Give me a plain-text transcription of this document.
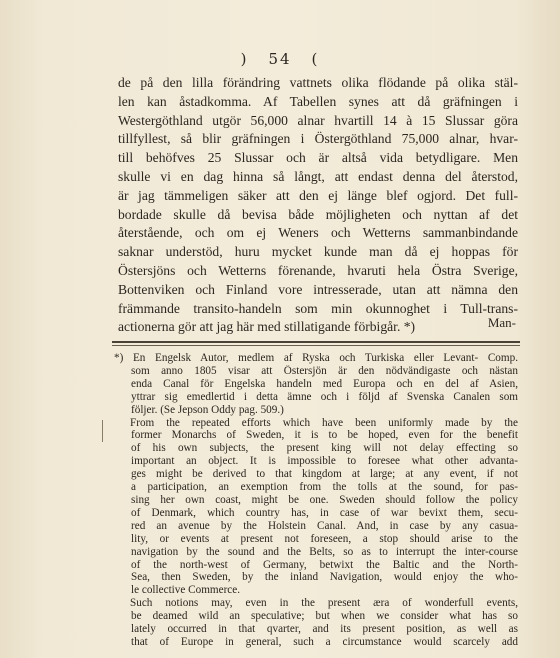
) 54 (
de på den lilla förändring vattnets olika flödande på olika stäl-
len kan åstadkomma. Af Tabellen synes att då gräfningen i
Westergöthland utgör 56,000 alnar hvartill 14 à 15 Slussar göra
tillfyllest, så blir gräfningen i Östergöthland 75,000 alnar, hvar-
till behöfves 25 Slussar och är altså vida betydligare. Men
skulle vi en dag hinna så långt, att endast denna del återstod,
är jag tämmeligen säker att den ej länge blef ogjord. Det full-
bordade skulle då bevisa både möjligheten och nyttan af det
återstående, och om ej Weners och Wetterns sammanbindande
saknar understöd, huru mycket kunde man då ej hoppas för
Östersjöns och Wetterns förenande, hvaruti hela Östra Sverige,
Bottenviken och Finland vore intresserade, utan att nämna den
främmande transito-handeln som min okunnoghet i Tull-trans-
actionerna gör att jag här med stillatigande förbigår. *)	Man-
*) En Engelsk Autor, medlem af Ryska och Turkiska eller Levant- Comp.
som anno 1805 visar att Östersjön är den nödvändigaste och nästan
enda Canal för Engelska handeln med Europa och en del af Asien,
yttrar sig emedlertid i detta ämne och i följd af Svenska Canalen som
följer. (Se Jepson Oddy pag. 509.)
From the repeated efforts which have been uniformly made by the
former Monarchs of Sweden, it is to be hoped, even for the benefit
of his own subjects, the present king will not delay effecting so
important an object. It is impossible to foresee what other advanta-
ges might be derived to that kingdom at large; at any event, if not
a participation, an exemption from the tolls at the sound, for pas-
sing her own coast, might be one. Sweden should follow the policy
of Denmark, which country has, in case of war bevixt them, secu-
red an avenue by the Holstein Canal. And, in case by any casua-
lity, or events at present not foreseen, a stop should arise to the
navigation by the sound and the Belts, so as to interrupt the inter-course
of the north-west of Germany, betwixt the Baltic and the North-
Sea, then Sweden, by the inland Navigation, would enjoy the who-
le collective Commerce.
Such notions may, even in the present æra of wonderfull events,
be deamed wild an speculative; but when we consider what has so
lately occurred in that qvarter, and its present position, as well as
that of Europe in general, such a circumstance would scarcely add
